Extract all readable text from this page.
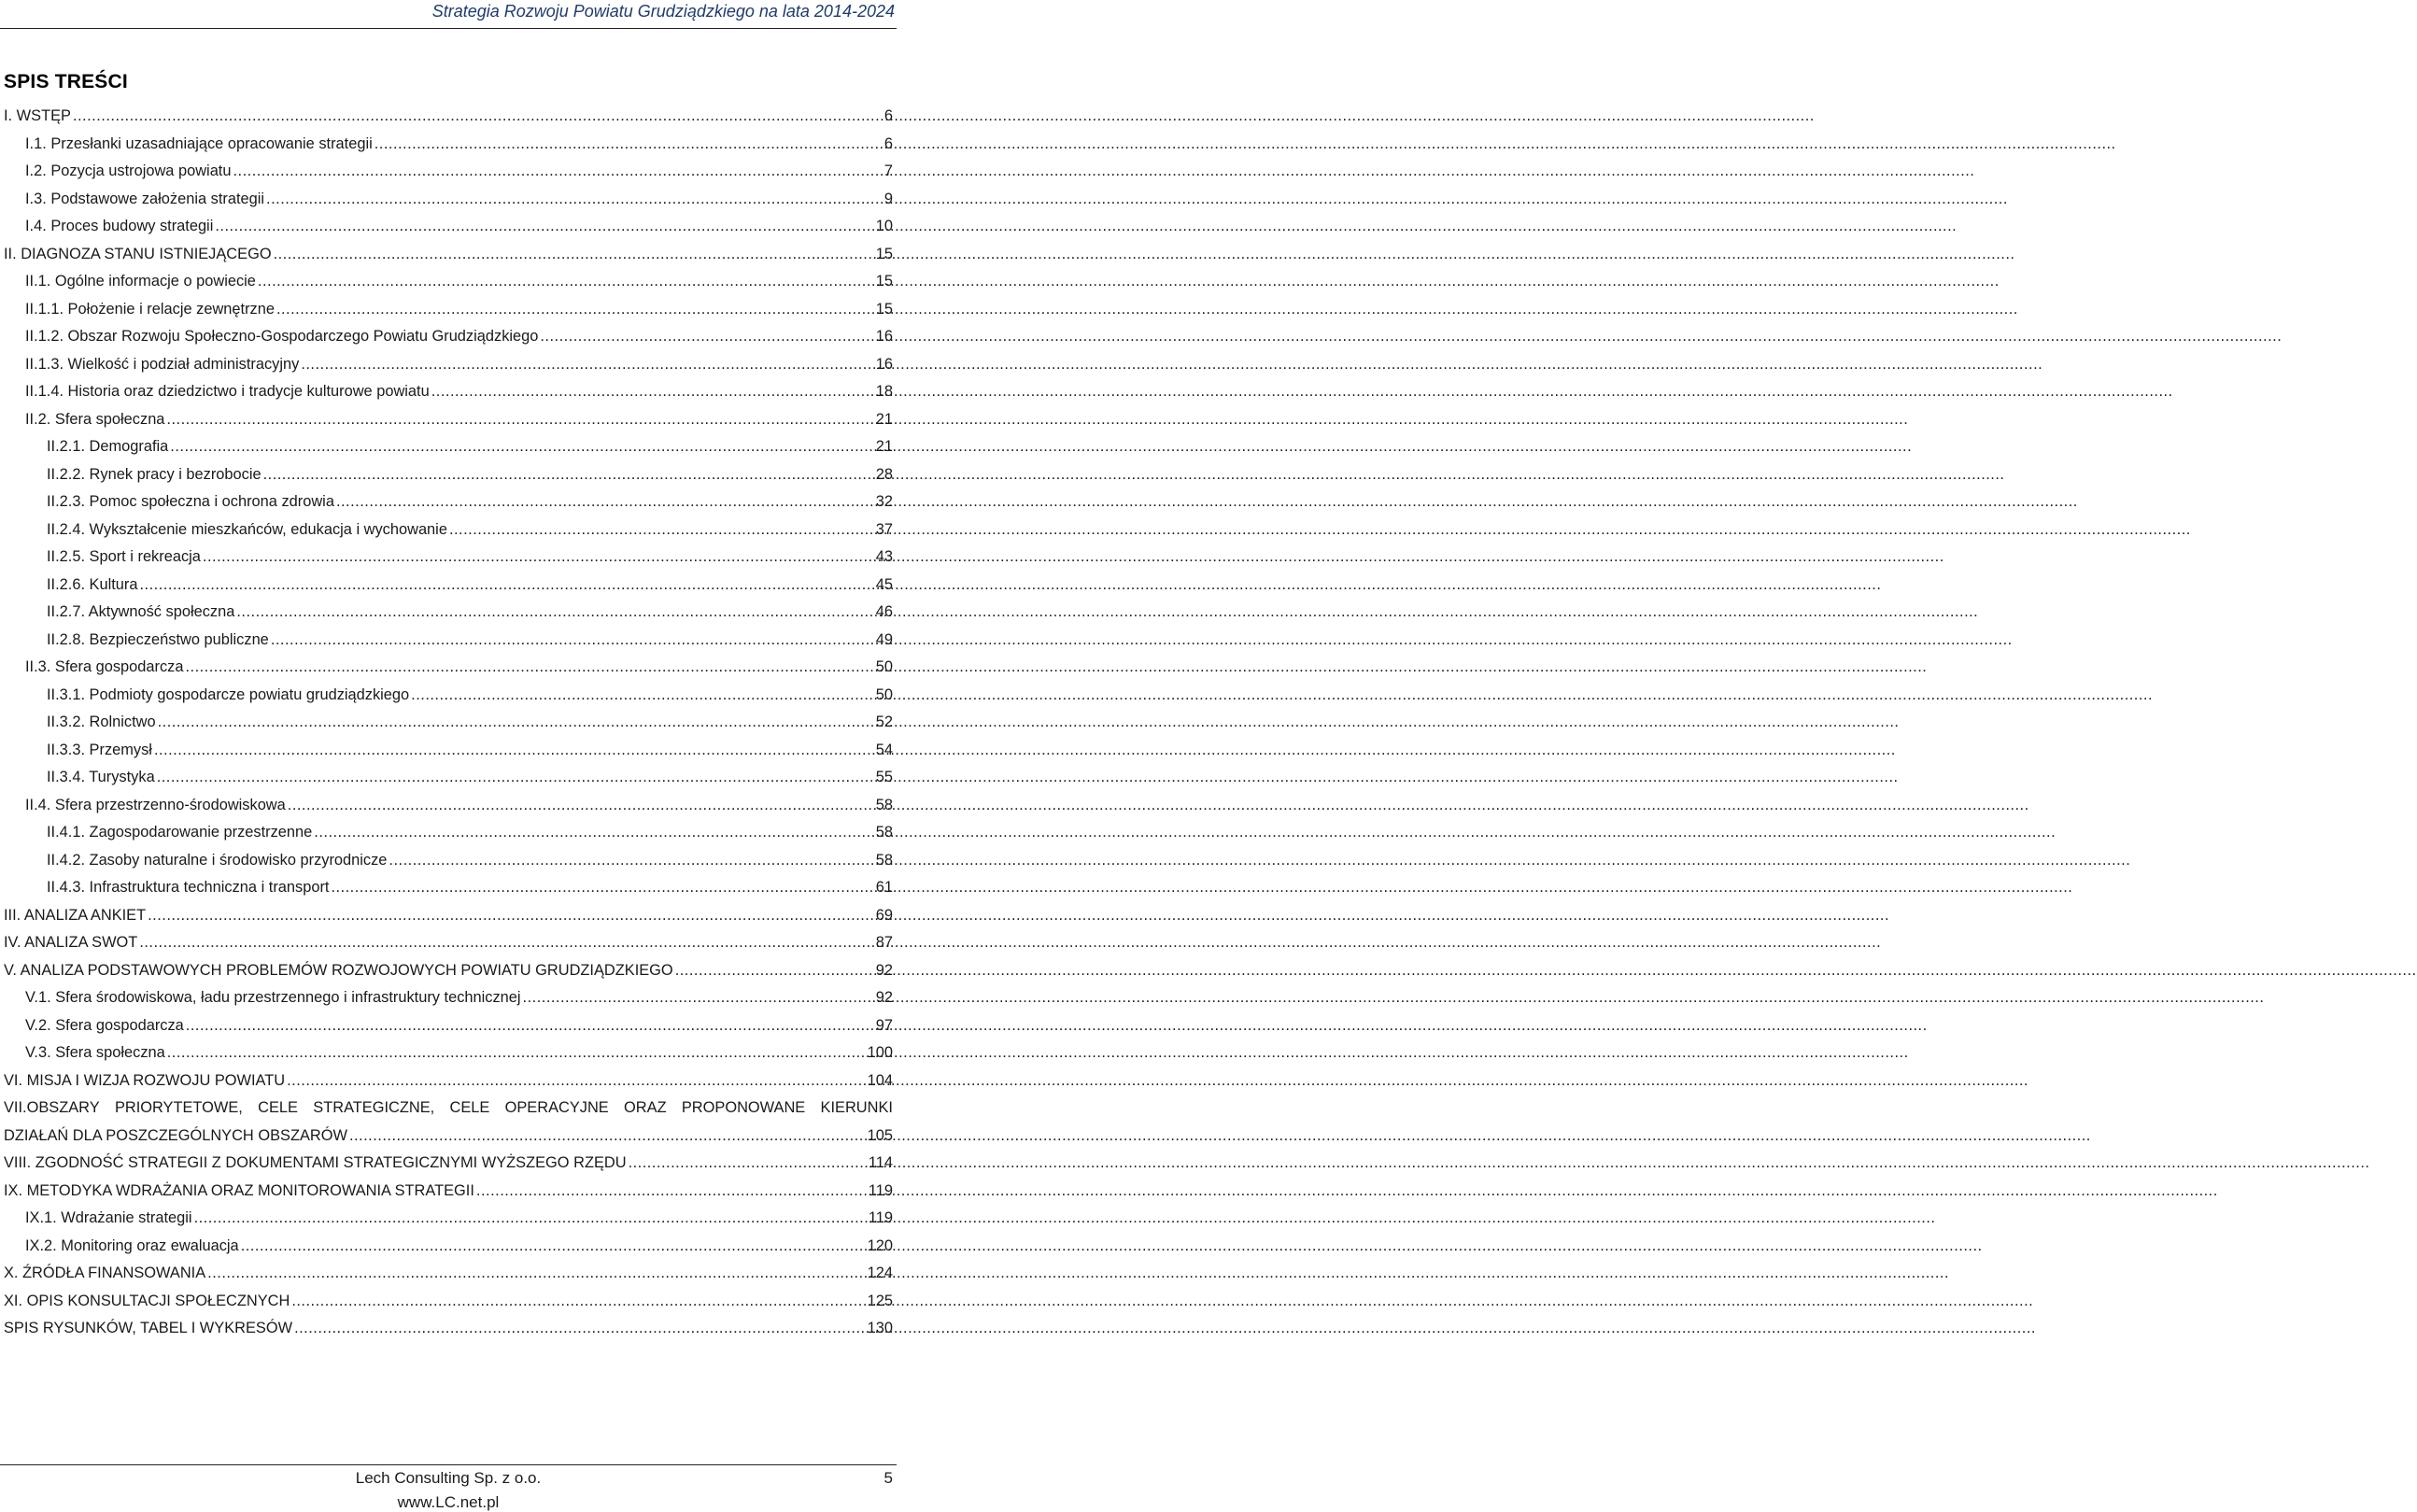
Strategia Rozwoju Powiatu Grudziądzkiego na lata 2014-2024
SPIS TREŚCI
I. WSTĘP .....	6
I.1. Przesłanki uzasadniające opracowanie strategii .....	6
I.2. Pozycja ustrojowa powiatu .....	7
I.3. Podstawowe założenia strategii .....	9
I.4. Proces budowy strategii .....	10
II. DIAGNOZA STANU ISTNIEJĄCEGO .....	15
II.1. Ogólne informacje o powiecie .....	15
II.1.1. Położenie i relacje zewnętrzne .....	15
II.1.2. Obszar Rozwoju Społeczno-Gospodarczego Powiatu Grudziądzkiego .....	16
II.1.3. Wielkość i podział administracyjny .....	16
II.1.4. Historia oraz dziedzictwo i tradycje kulturowe powiatu .....	18
II.2. Sfera społeczna .....	21
II.2.1. Demografia .....	21
II.2.2. Rynek pracy i bezrobocie .....	28
II.2.3. Pomoc społeczna i ochrona zdrowia .....	32
II.2.4. Wykształcenie mieszkańców, edukacja i wychowanie .....	37
II.2.5. Sport i rekreacja .....	43
II.2.6. Kultura .....	45
II.2.7. Aktywność społeczna .....	46
II.2.8. Bezpieczeństwo publiczne .....	49
II.3. Sfera gospodarcza .....	50
II.3.1. Podmioty gospodarcze powiatu grudziądzkiego .....	50
II.3.2. Rolnictwo .....	52
II.3.3. Przemysł .....	54
II.3.4. Turystyka .....	55
II.4. Sfera przestrzenno-środowiskowa .....	58
II.4.1. Zagospodarowanie przestrzenne .....	58
II.4.2. Zasoby naturalne i środowisko przyrodnicze .....	58
II.4.3. Infrastruktura techniczna i transport .....	61
III. ANALIZA ANKIET .....	69
IV. ANALIZA SWOT .....	87
V. ANALIZA PODSTAWOWYCH PROBLEMÓW ROZWOJOWYCH POWIATU GRUDZIĄDZKIEGO .....	92
V.1. Sfera środowiskowa, ładu przestrzennego i infrastruktury technicznej .....	92
V.2. Sfera gospodarcza .....	97
V.3. Sfera społeczna .....	100
VI. MISJA I WIZJA ROZWOJU POWIATU .....	104
VII.OBSZARY PRIORYTETOWE, CELE STRATEGICZNE, CELE OPERACYJNE ORAZ PROPONOWANE KIERUNKI
DZIAŁAŃ DLA POSZCZEGÓLNYCH OBSZARÓW .....	105
VIII. ZGODNOŚĆ STRATEGII Z DOKUMENTAMI STRATEGICZNYMI WYŻSZEGO RZĘDU .....	114
IX. METODYKA WDRAŻANIA ORAZ MONITOROWANIA STRATEGII .....	119
IX.1. Wdrażanie strategii .....	119
IX.2. Monitoring oraz ewaluacja .....	120
X. ŹRÓDŁA FINANSOWANIA .....	124
XI. OPIS KONSULTACJI SPOŁECZNYCH .....	125
SPIS RYSUNKÓW, TABEL I WYKRESÓW .....	130
Lech Consulting Sp. z o.o.
www.LC.net.pl
5
